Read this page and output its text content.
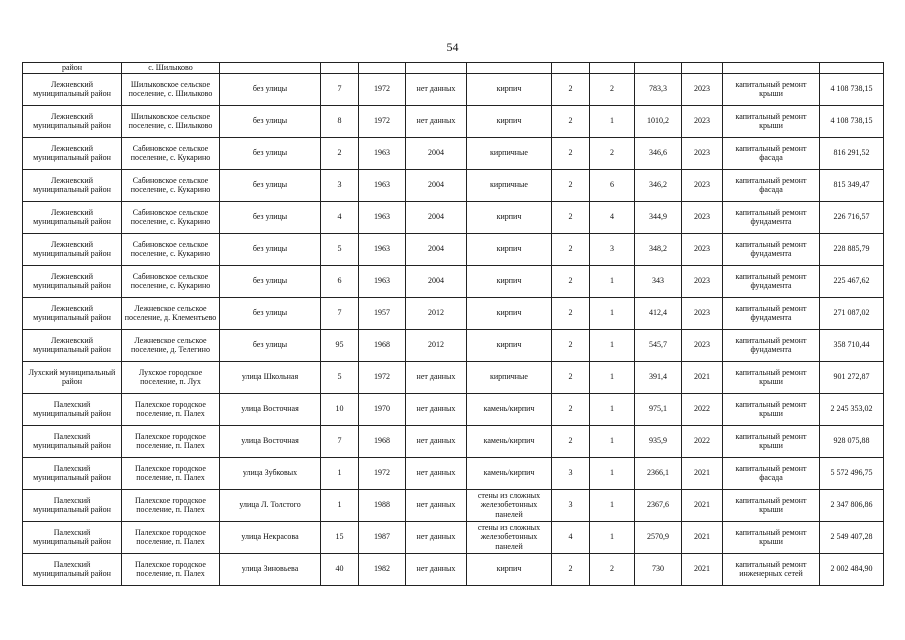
54
район	с. Шилыково											
Лежневский муниципальный район	Шилыковское сельское поселение, с. Шилыково	без улицы	7	1972	нет данных	кирпич	2	2	783,3	2023	капитальный ремонт крыши	4 108 738,15
Лежневский муниципальный район	Шилыковское сельское поселение, с. Шилыково	без улицы	8	1972	нет данных	кирпич	2	1	1010,2	2023	капитальный ремонт крыши	4 108 738,15
Лежневский муниципальный район	Сабиновское сельское поселение, с. Кукарино	без улицы	2	1963	2004	кирпичные	2	2	346,6	2023	капитальный ремонт фасада	816 291,52
Лежневский муниципальный район	Сабиновское сельское поселение, с. Кукарино	без улицы	3	1963	2004	кирпичные	2	6	346,2	2023	капитальный ремонт фасада	815 349,47
Лежневский муниципальный район	Сабиновское сельское поселение, с. Кукарино	без улицы	4	1963	2004	кирпич	2	4	344,9	2023	капитальный ремонт фундамента	226 716,57
Лежневский муниципальный район	Сабиновское сельское поселение, с. Кукарино	без улицы	5	1963	2004	кирпич	2	3	348,2	2023	капитальный ремонт фундамента	228 885,79
Лежневский муниципальный район	Сабиновское сельское поселение, с. Кукарино	без улицы	6	1963	2004	кирпич	2	1	343	2023	капитальный ремонт фундамента	225 467,62
Лежневский муниципальный район	Лежневское сельское поселение, д. Клементьево	без улицы	7	1957	2012	кирпич	2	1	412,4	2023	капитальный ремонт фундамента	271 087,02
Лежневский муниципальный район	Лежневское сельское поселение, д. Телегино	без улицы	95	1968	2012	кирпич	2	1	545,7	2023	капитальный ремонт фундамента	358 710,44
Лухский муниципальный район	Лухское городское поселение, п. Лух	улица Школьная	5	1972	нет данных	кирпичные	2	1	391,4	2021	капитальный ремонт крыши	901 272,87
Палехский муниципальный район	Палехское городское поселение, п. Палех	улица Восточная	10	1970	нет данных	камень/кирпич	2	1	975,1	2022	капитальный ремонт крыши	2 245 353,02
Палехский муниципальный район	Палехское городское поселение, п. Палех	улица Восточная	7	1968	нет данных	камень/кирпич	2	1	935,9	2022	капитальный ремонт крыши	928 075,88
Палехский муниципальный район	Палехское городское поселение, п. Палех	улица Зубковых	1	1972	нет данных	камень/кирпич	3	1	2366,1	2021	капитальный ремонт фасада	5 572 496,75
Палехский муниципальный район	Палехское городское поселение, п. Палех	улица Л. Толстого	1	1988	нет данных	стены из сложных железобетонных панелей	3	1	2367,6	2021	капитальный ремонт крыши	2 347 806,86
Палехский муниципальный район	Палехское городское поселение, п. Палех	улица Некрасова	15	1987	нет данных	стены из сложных железобетонных панелей	4	1	2570,9	2021	капитальный ремонт крыши	2 549 407,28
Палехский муниципальный район	Палехское городское поселение, п. Палех	улица Зиновьева	40	1982	нет данных	кирпич	2	2	730	2021	капитальный ремонт инженерных сетей	2 002 484,90
